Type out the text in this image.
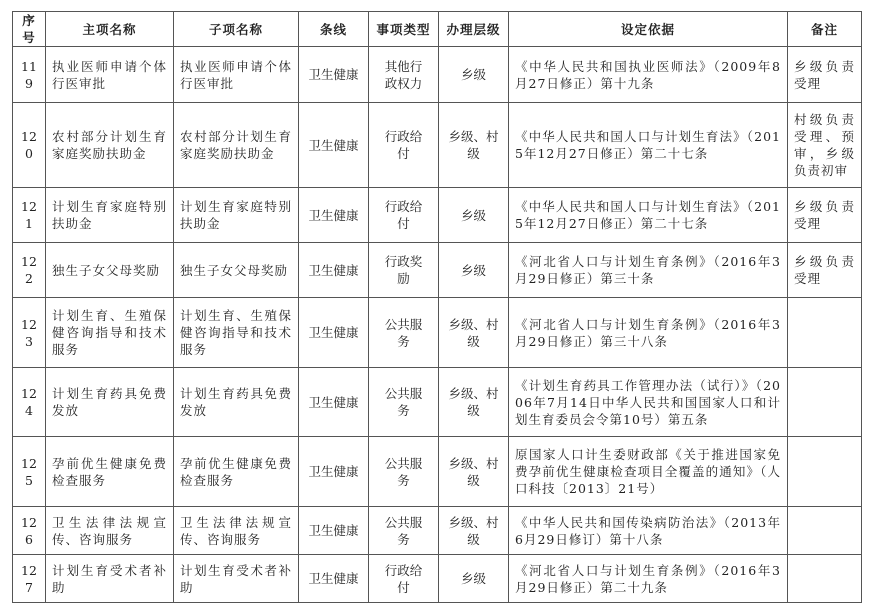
序号	主项名称	子项名称	条线	事项类型	办理层级	设定依据	备注
119	执业医师申请个体行医审批	执业医师申请个体行医审批	卫生健康	其他行政权力	乡级	《中华人民共和国执业医师法》（2009年8月27日修正）第十九条	乡级负责受理
120	农村部分计划生育家庭奖励扶助金	农村部分计划生育家庭奖励扶助金	卫生健康	行政给付	乡级、村级	《中华人民共和国人口与计划生育法》（2015年12月27日修正）第二十七条	村级负责受理、预审，乡级负责初审
121	计划生育家庭特别扶助金	计划生育家庭特别扶助金	卫生健康	行政给付	乡级	《中华人民共和国人口与计划生育法》（2015年12月27日修正）第二十七条	乡级负责受理
122	独生子女父母奖励	独生子女父母奖励	卫生健康	行政奖励	乡级	《河北省人口与计划生育条例》（2016年3月29日修正）第三十条	乡级负责受理
123	计划生育、生殖保健咨询指导和技术服务	计划生育、生殖保健咨询指导和技术服务	卫生健康	公共服务	乡级、村级	《河北省人口与计划生育条例》（2016年3月29日修正）第三十八条	
124	计划生育药具免费发放	计划生育药具免费发放	卫生健康	公共服务	乡级、村级	《计划生育药具工作管理办法（试行）》（2006年7月14日中华人民共和国国家人口和计划生育委员会令第10号）第五条	
125	孕前优生健康免费检查服务	孕前优生健康免费检查服务	卫生健康	公共服务	乡级、村级	原国家人口计生委财政部《关于推进国家免费孕前优生健康检查项目全覆盖的通知》（人口科技〔2013〕21号）	
126	卫生法律法规宣传、咨询服务	卫生法律法规宣传、咨询服务	卫生健康	公共服务	乡级、村级	《中华人民共和国传染病防治法》（2013年6月29日修订）第十八条	
127	计划生育受术者补助	计划生育受术者补助	卫生健康	行政给付	乡级	《河北省人口与计划生育条例》（2016年3月29日修正）第二十九条	
